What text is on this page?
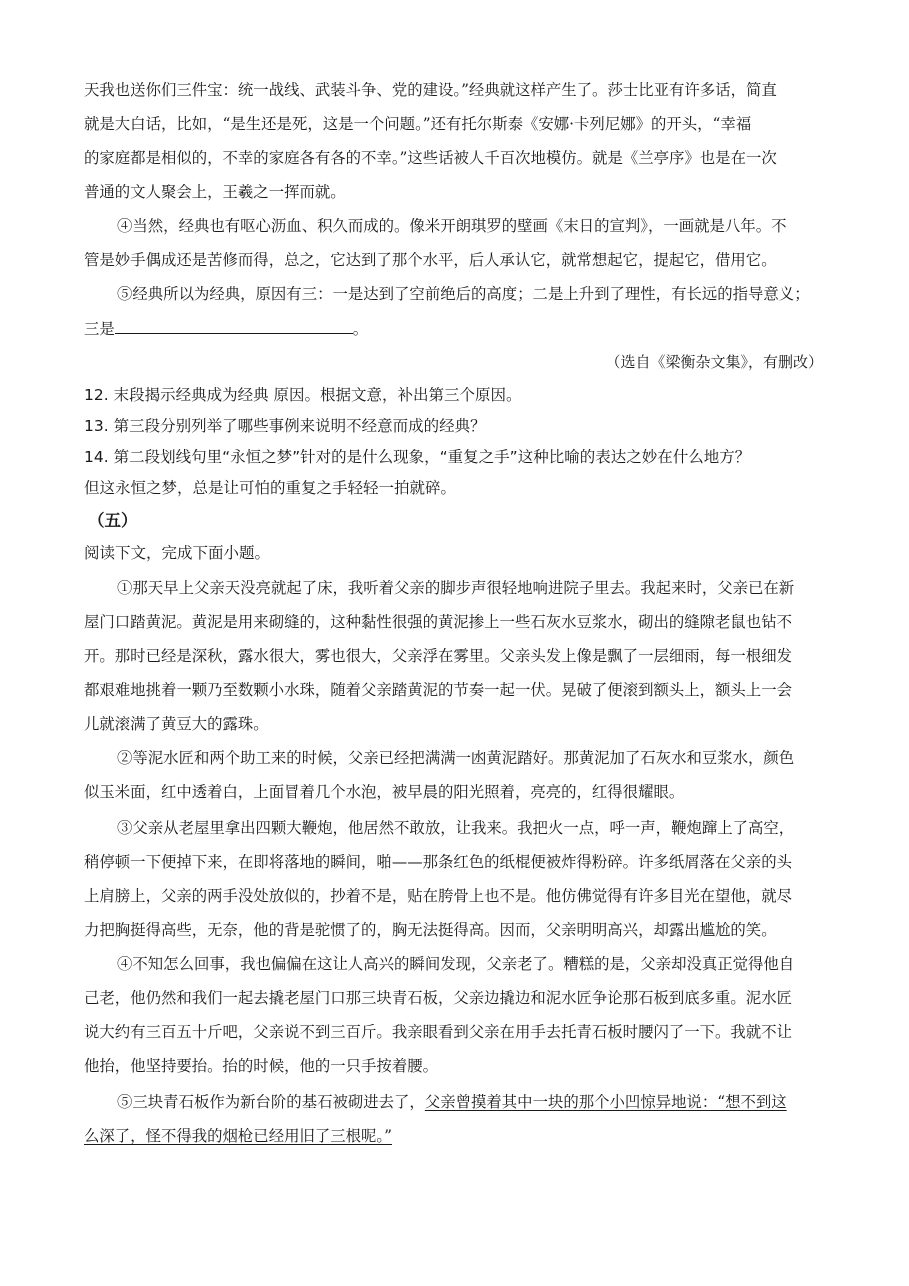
天我也送你们三件宝：统一战线、武装斗争、党的建设。”经典就这样产生了。莎士比亚有许多话，简直
就是大白话，比如，“是生还是死，这是一个问题。”还有托尔斯泰《安娜·卡列尼娜》的开头，“幸福
的家庭都是相似的，不幸的家庭各有各的不幸。”这些话被人千百次地模仿。就是《兰亭序》也是在一次
普通的文人聚会上，王羲之一挥而就。
④当然，经典也有呕心沥血、积久而成的。像米开朗琪罗的壁画《末日的宣判》，一画就是八年。不
管是妙手偶成还是苦修而得，总之，它达到了那个水平，后人承认它，就常想起它，提起它，借用它。
⑤经典所以为经典，原因有三：一是达到了空前绝后的高度；二是上升到了理性，有长远的指导意义；
三是	。
（选自《梁衡杂文集》，有删改）
12. 末段揭示经典成为经典 原因。根据文意，补出第三个原因。
13. 第三段分别列举了哪些事例来说明不经意而成的经典？
14. 第二段划线句里“永恒之梦”针对的是什么现象，“重复之手”这种比喻的表达之妙在什么地方？
但这永恒之梦，总是让可怕的重复之手轻轻一拍就碎。
（五）
阅读下文，完成下面小题。
①那天早上父亲天没亮就起了床，我听着父亲的脚步声很轻地响进院子里去。我起来时，父亲已在新
屋门口踏黄泥。黄泥是用来砌缝的，这种黏性很强的黄泥掺上一些石灰水豆浆水，砌出的缝隙老鼠也钻不
开。那时已经是深秋，露水很大，雾也很大，父亲浮在雾里。父亲头发上像是飘了一层细雨，每一根细发
都艰难地挑着一颗乃至数颗小水珠，随着父亲踏黄泥的节奏一起一伏。晃破了便滚到额头上，额头上一会
儿就滚满了黄豆大的露珠。
②等泥水匠和两个助工来的时候，父亲已经把满满一凼黄泥踏好。那黄泥加了石灰水和豆浆水，颜色
似玉米面，红中透着白，上面冒着几个水泡，被早晨的阳光照着，亮亮的，红得很耀眼。
③父亲从老屋里拿出四颗大鞭炮，他居然不敢放，让我来。我把火一点，呼一声，鞭炮蹿上了高空，
稍停顿一下便掉下来，在即将落地的瞬间，啪——那条红色的纸棍便被炸得粉碎。许多纸屑落在父亲的头
上肩膀上，父亲的两手没处放似的，抄着不是，贴在胯骨上也不是。他仿佛觉得有许多目光在望他，就尽
力把胸挺得高些，无奈，他的背是驼惯了的，胸无法挺得高。因而，父亲明明高兴，却露出尴尬的笑。
④不知怎么回事，我也偏偏在这让人高兴的瞬间发现，父亲老了。糟糕的是，父亲却没真正觉得他自
己老，他仍然和我们一起去撬老屋门口那三块青石板，父亲边撬边和泥水匠争论那石板到底多重。泥水匠
说大约有三百五十斤吧，父亲说不到三百斤。我亲眼看到父亲在用手去托青石板时腰闪了一下。我就不让
他抬，他坚持要抬。抬的时候，他的一只手按着腰。
⑤三块青石板作为新台阶的基石被砌进去了，父亲曾摸着其中一块的那个小凹惊异地说：“想不到这
么深了，怪不得我的烟枪已经用旧了三根呢。”
